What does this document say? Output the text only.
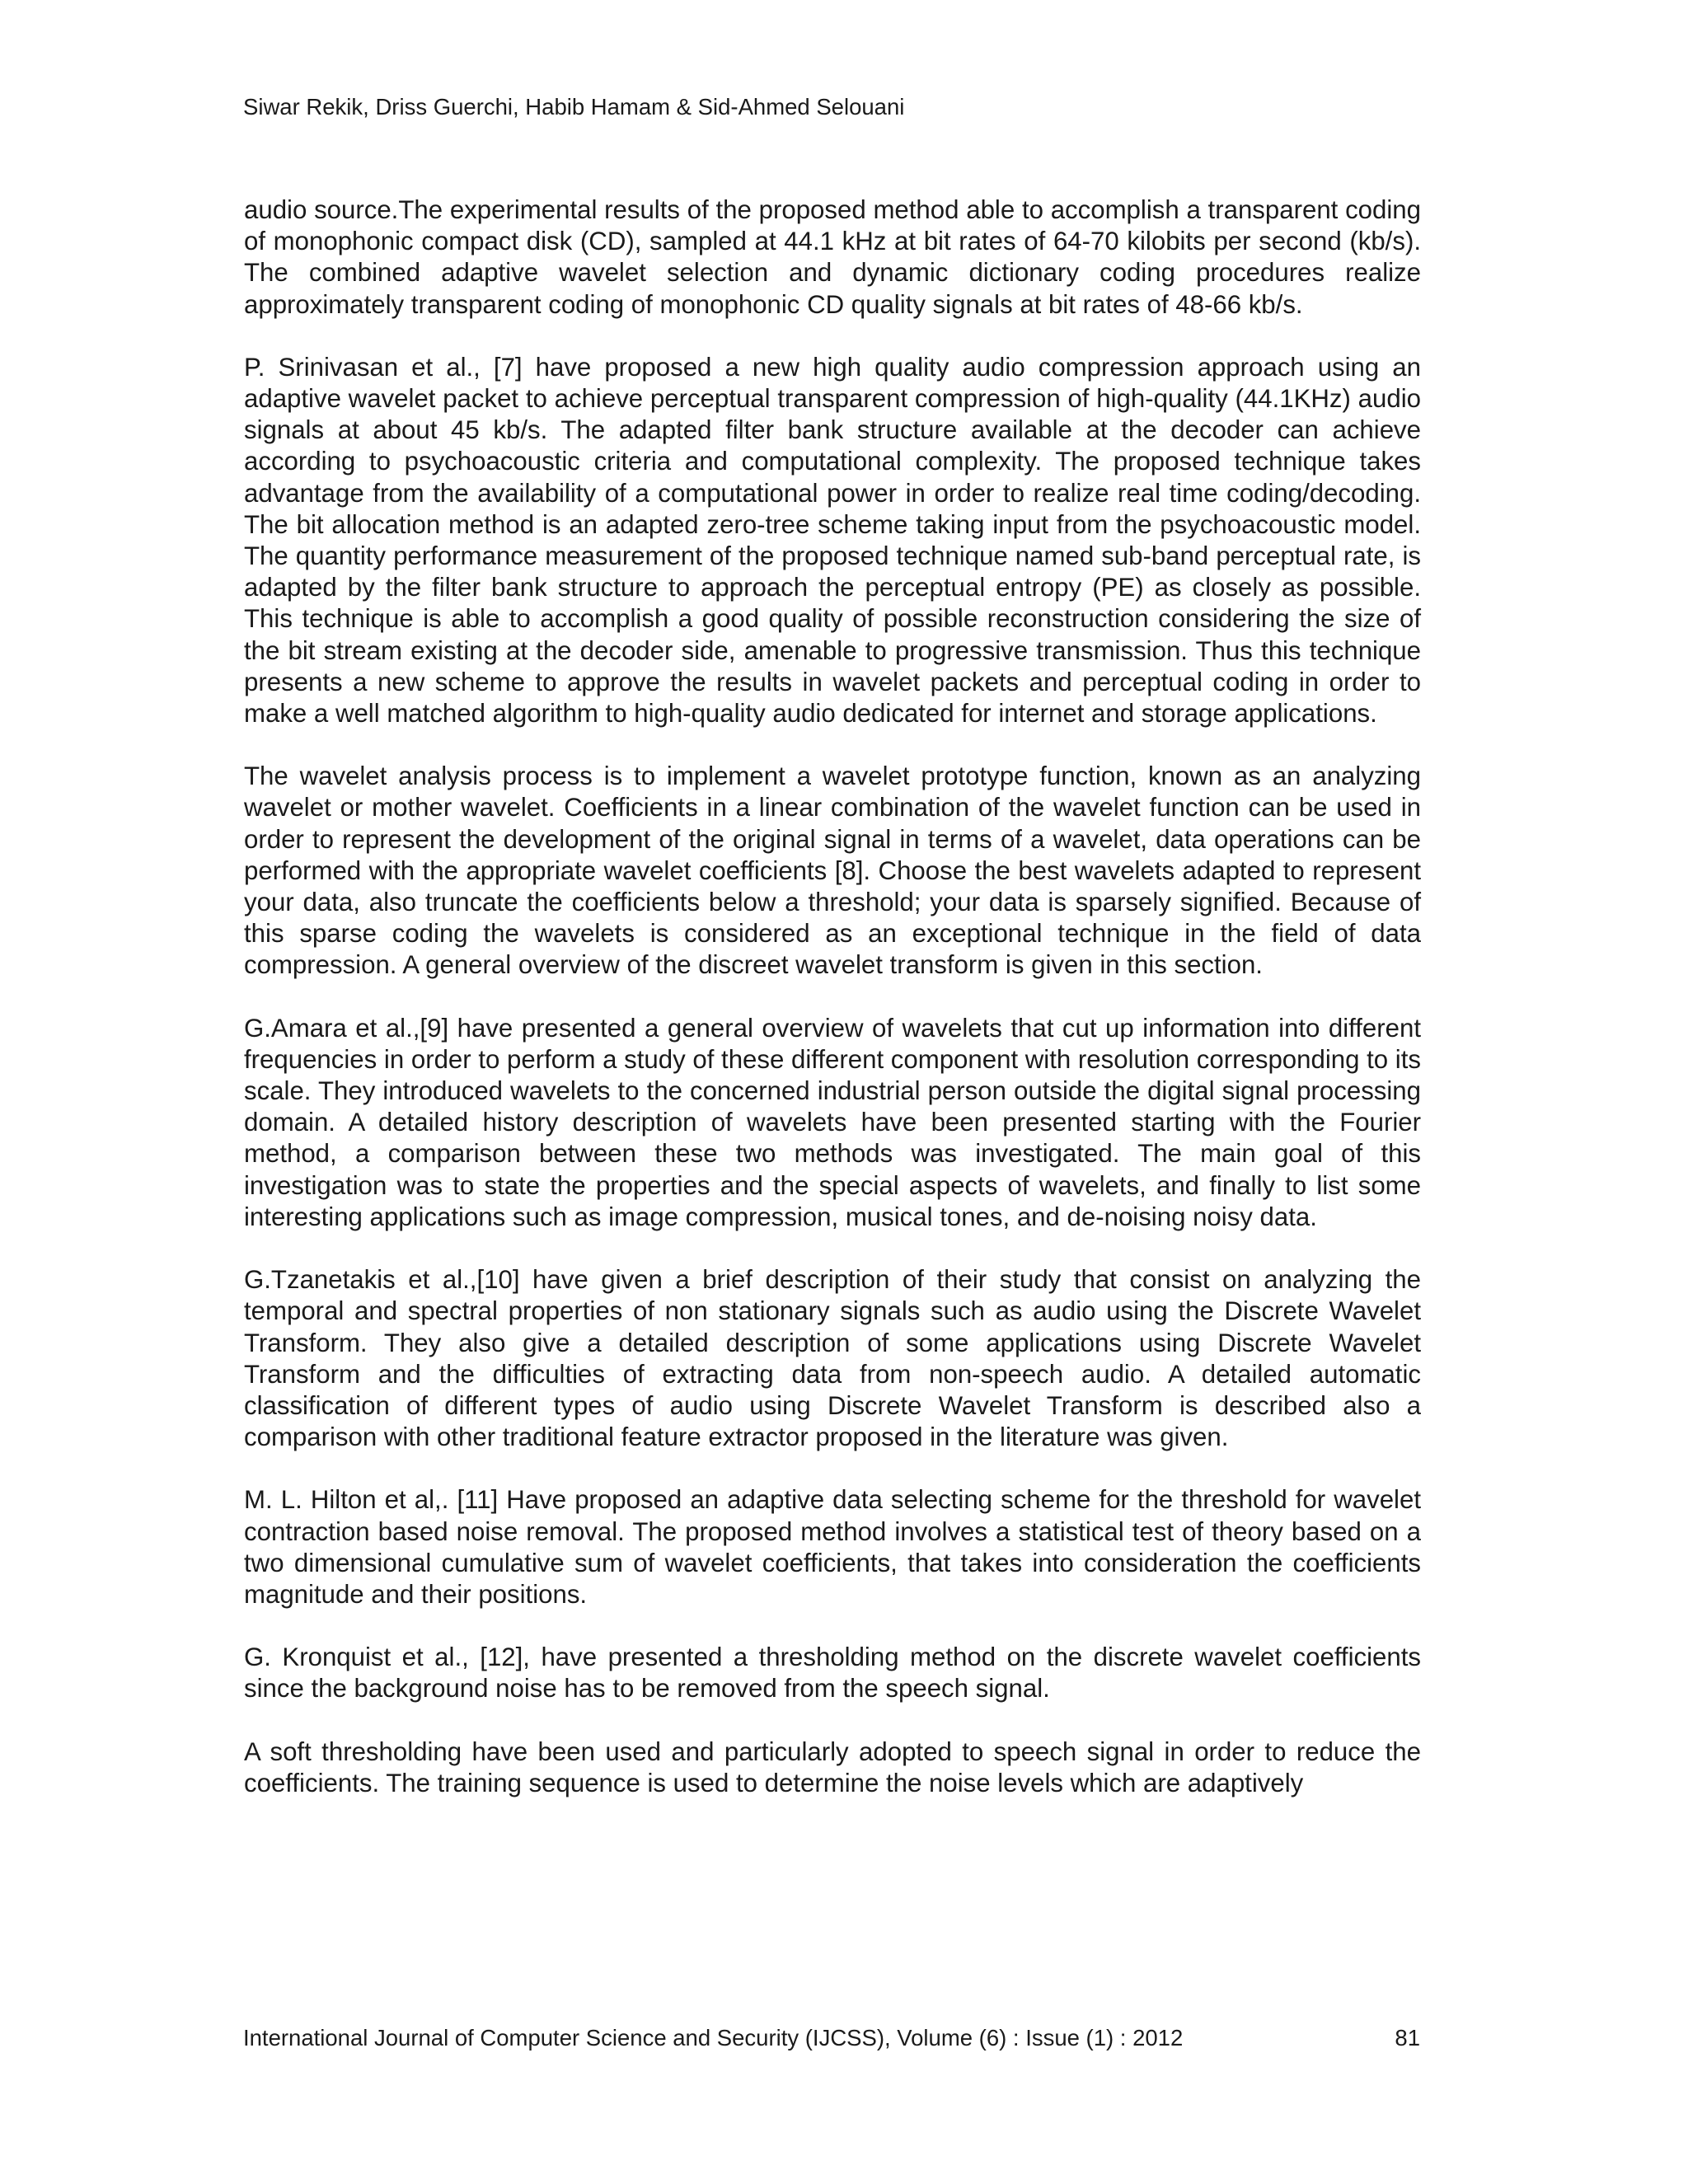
Siwar Rekik, Driss Guerchi, Habib Hamam & Sid-Ahmed Selouani

audio source.The experimental results of the proposed method able to accomplish a transparent coding of monophonic compact disk (CD), sampled at 44.1 kHz at bit rates of 64-70 kilobits per second (kb/s). The combined adaptive wavelet selection and dynamic dictionary coding procedures realize approximately transparent coding of monophonic CD quality signals at bit rates of 48-66 kb/s.

P. Srinivasan et al., [7] have proposed a new high quality audio compression approach using an adaptive wavelet packet to achieve perceptual transparent compression of high-quality (44.1KHz) audio signals at about 45 kb/s. The adapted filter bank structure available at the decoder can achieve according to psychoacoustic criteria and computational complexity. The proposed technique takes advantage from the availability of a computational power in order to realize real time coding/decoding. The bit allocation method is an adapted zero-tree scheme taking input from the psychoacoustic model. The quantity performance measurement of the proposed technique named sub-band perceptual rate, is adapted by the filter bank structure to approach the perceptual entropy (PE) as closely as possible. This technique is able to accomplish a good quality of possible reconstruction considering the size of the bit stream existing at the decoder side, amenable to progressive transmission. Thus this technique presents a new scheme to approve the results in wavelet packets and perceptual coding in order to make a well matched algorithm to high-quality audio dedicated for internet and storage applications.

The wavelet analysis process is to implement a wavelet prototype function, known as an analyzing wavelet or mother wavelet. Coefficients in a linear combination of the wavelet function can be used in order to represent the development of the original signal in terms of a wavelet, data operations can be performed with the appropriate wavelet coefficients [8]. Choose the best wavelets adapted to represent your data, also truncate the coefficients below a threshold; your data is sparsely signified. Because of this sparse coding the wavelets is considered as an exceptional technique in the field of data compression. A general overview of the discreet wavelet transform is given in this section.

G.Amara et al.,[9] have presented a general overview of wavelets that cut up information into different frequencies in order to perform a study of these different component with resolution corresponding to its scale. They introduced wavelets to the concerned industrial person outside the digital signal processing domain. A detailed history description of wavelets have been presented starting with the Fourier method, a comparison between these two methods was investigated. The main goal of this investigation was to state the properties and the special aspects of wavelets, and finally to list some interesting applications such as image compression, musical tones, and de-noising noisy data.

G.Tzanetakis et al.,[10] have given a brief description of their study that consist on analyzing the temporal and spectral properties of non stationary signals such as audio using the Discrete Wavelet Transform. They also give a detailed description of some applications using Discrete Wavelet Transform and the difficulties of extracting data from non-speech audio. A detailed automatic classification of different types of audio using Discrete Wavelet Transform is described also a comparison with other traditional feature extractor proposed in the literature was given.

M. L. Hilton et al,. [11] Have proposed an adaptive data selecting scheme for the threshold for wavelet contraction based noise removal. The proposed method involves a statistical test of theory based on a two dimensional cumulative sum of wavelet coefficients, that takes into consideration the coefficients magnitude and their positions.

G. Kronquist et al., [12], have presented a thresholding method on the discrete wavelet coefficients since the background noise has to be removed from the speech signal.

A soft thresholding have been used and particularly adopted to speech signal in order to reduce the coefficients. The training sequence is used to determine the noise levels which are adaptively

International Journal of Computer Science and Security (IJCSS), Volume (6) : Issue (1) : 2012	81
